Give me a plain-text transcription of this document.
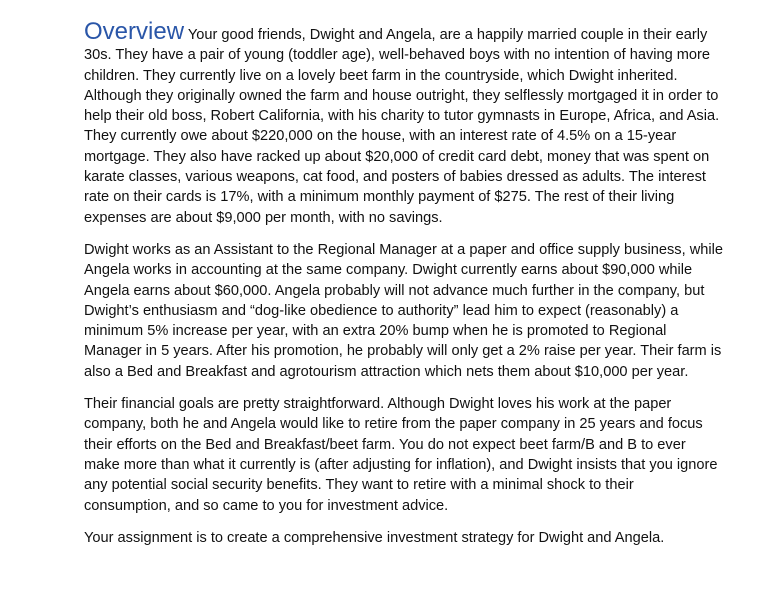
Overview Your good friends, Dwight and Angela, are a happily married couple in their early 30s. They have a pair of young (toddler age), well-behaved boys with no intention of having more children. They currently live on a lovely beet farm in the countryside, which Dwight inherited. Although they originally owned the farm and house outright, they selflessly mortgaged it in order to help their old boss, Robert California, with his charity to tutor gymnasts in Europe, Africa, and Asia. They currently owe about $220,000 on the house, with an interest rate of 4.5% on a 15-year mortgage. They also have racked up about $20,000 of credit card debt, money that was spent on karate classes, various weapons, cat food, and posters of babies dressed as adults. The interest rate on their cards is 17%, with a minimum monthly payment of $275. The rest of their living expenses are about $9,000 per month, with no savings.

Dwight works as an Assistant to the Regional Manager at a paper and office supply business, while Angela works in accounting at the same company. Dwight currently earns about $90,000 while Angela earns about $60,000. Angela probably will not advance much further in the company, but Dwight’s enthusiasm and “dog-like obedience to authority” lead him to expect (reasonably) a minimum 5% increase per year, with an extra 20% bump when he is promoted to Regional Manager in 5 years. After his promotion, he probably will only get a 2% raise per year. Their farm is also a Bed and Breakfast and agrotourism attraction which nets them about $10,000 per year.

Their financial goals are pretty straightforward. Although Dwight loves his work at the paper company, both he and Angela would like to retire from the paper company in 25 years and focus their efforts on the Bed and Breakfast/beet farm. You do not expect beet farm/B and B to ever make more than what it currently is (after adjusting for inflation), and Dwight insists that you ignore any potential social security benefits. They want to retire with a minimal shock to their consumption, and so came to you for investment advice.

Your assignment is to create a comprehensive investment strategy for Dwight and Angela.
